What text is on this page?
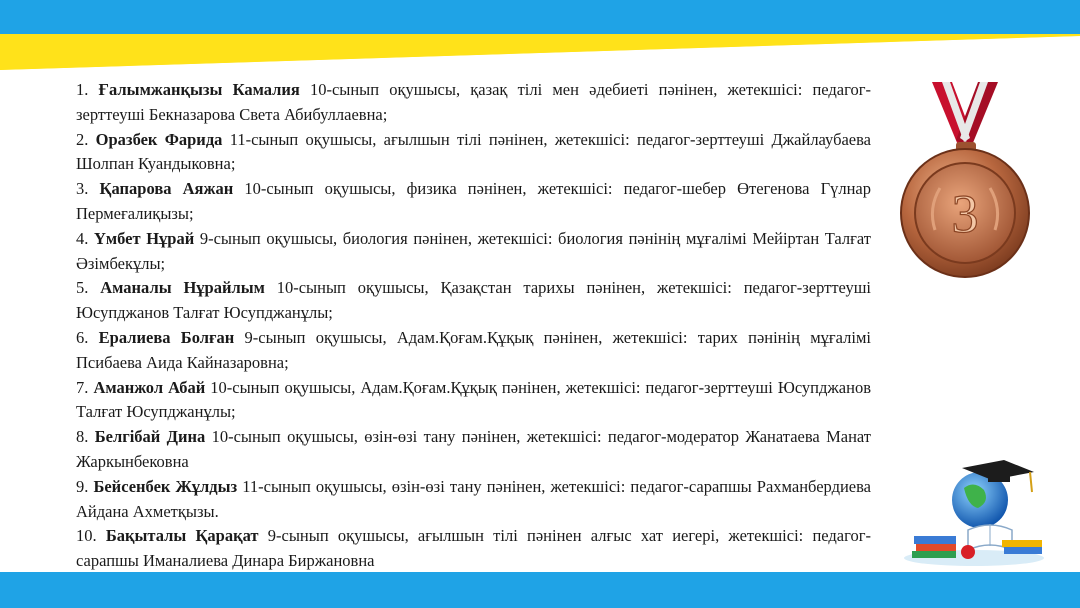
1. Ғалымжанқызы Камалия 10-сынып оқушысы, қазақ тілі мен әдебиеті пәнінен, жетекшісі: педагог-зерттеуші Бекназарова Света Абибуллаевна;

2. Оразбек Фарида 11-сынып оқушысы, ағылшын тілі пәнінен, жетекшісі: педагог-зерттеуші Джайлаубаева Шолпан Куандыковна;

3. Қапарова Аяжан 10-сынып оқушысы, физика пәнінен, жетекшісі: педагог-шебер Өтегенова Гүлнар Пермеғалиқызы;

4. Үмбет Нұрай 9-сынып оқушысы, биология пәнінен, жетекшісі: биология пәнінің мұғалімі Мейіртан Талғат Әзімбекұлы;

5. Аманалы Нұрайлым 10-сынып оқушысы, Қазақстан тарихы пәнінен, жетекшісі: педагог-зерттеуші Юсупджанов Талғат Юсупджанұлы;

6. Ералиева Болған 9-сынып оқушысы, Адам.Қоғам.Құқық пәнінен, жетекшісі: тарих пәнінің мұғалімі Псибаева Аида Кайназаровна;

7. Аманжол Абай 10-сынып оқушысы, Адам.Қоғам.Құқық пәнінен, жетекшісі: педагог-зерттеуші Юсупджанов Талғат Юсупджанұлы;

8. Белгібай Дина 10-сынып оқушысы, өзін-өзі тану пәнінен, жетекшісі: педагог-модератор Жанатаева Манат Жаркынбековна

9. Бейсенбек Жұлдыз 11-сынып оқушысы, өзін-өзі тану пәнінен, жетекшісі: педагог-сарапшы Рахманбердиева Айдана Ахметқызы.

10. Бақыталы Қарақат 9-сынып оқушысы, ағылшын тілі пәнінен алғыс хат иегері, жетекшісі: педагог-сарапшы Иманалиева Динара Биржановна

3
